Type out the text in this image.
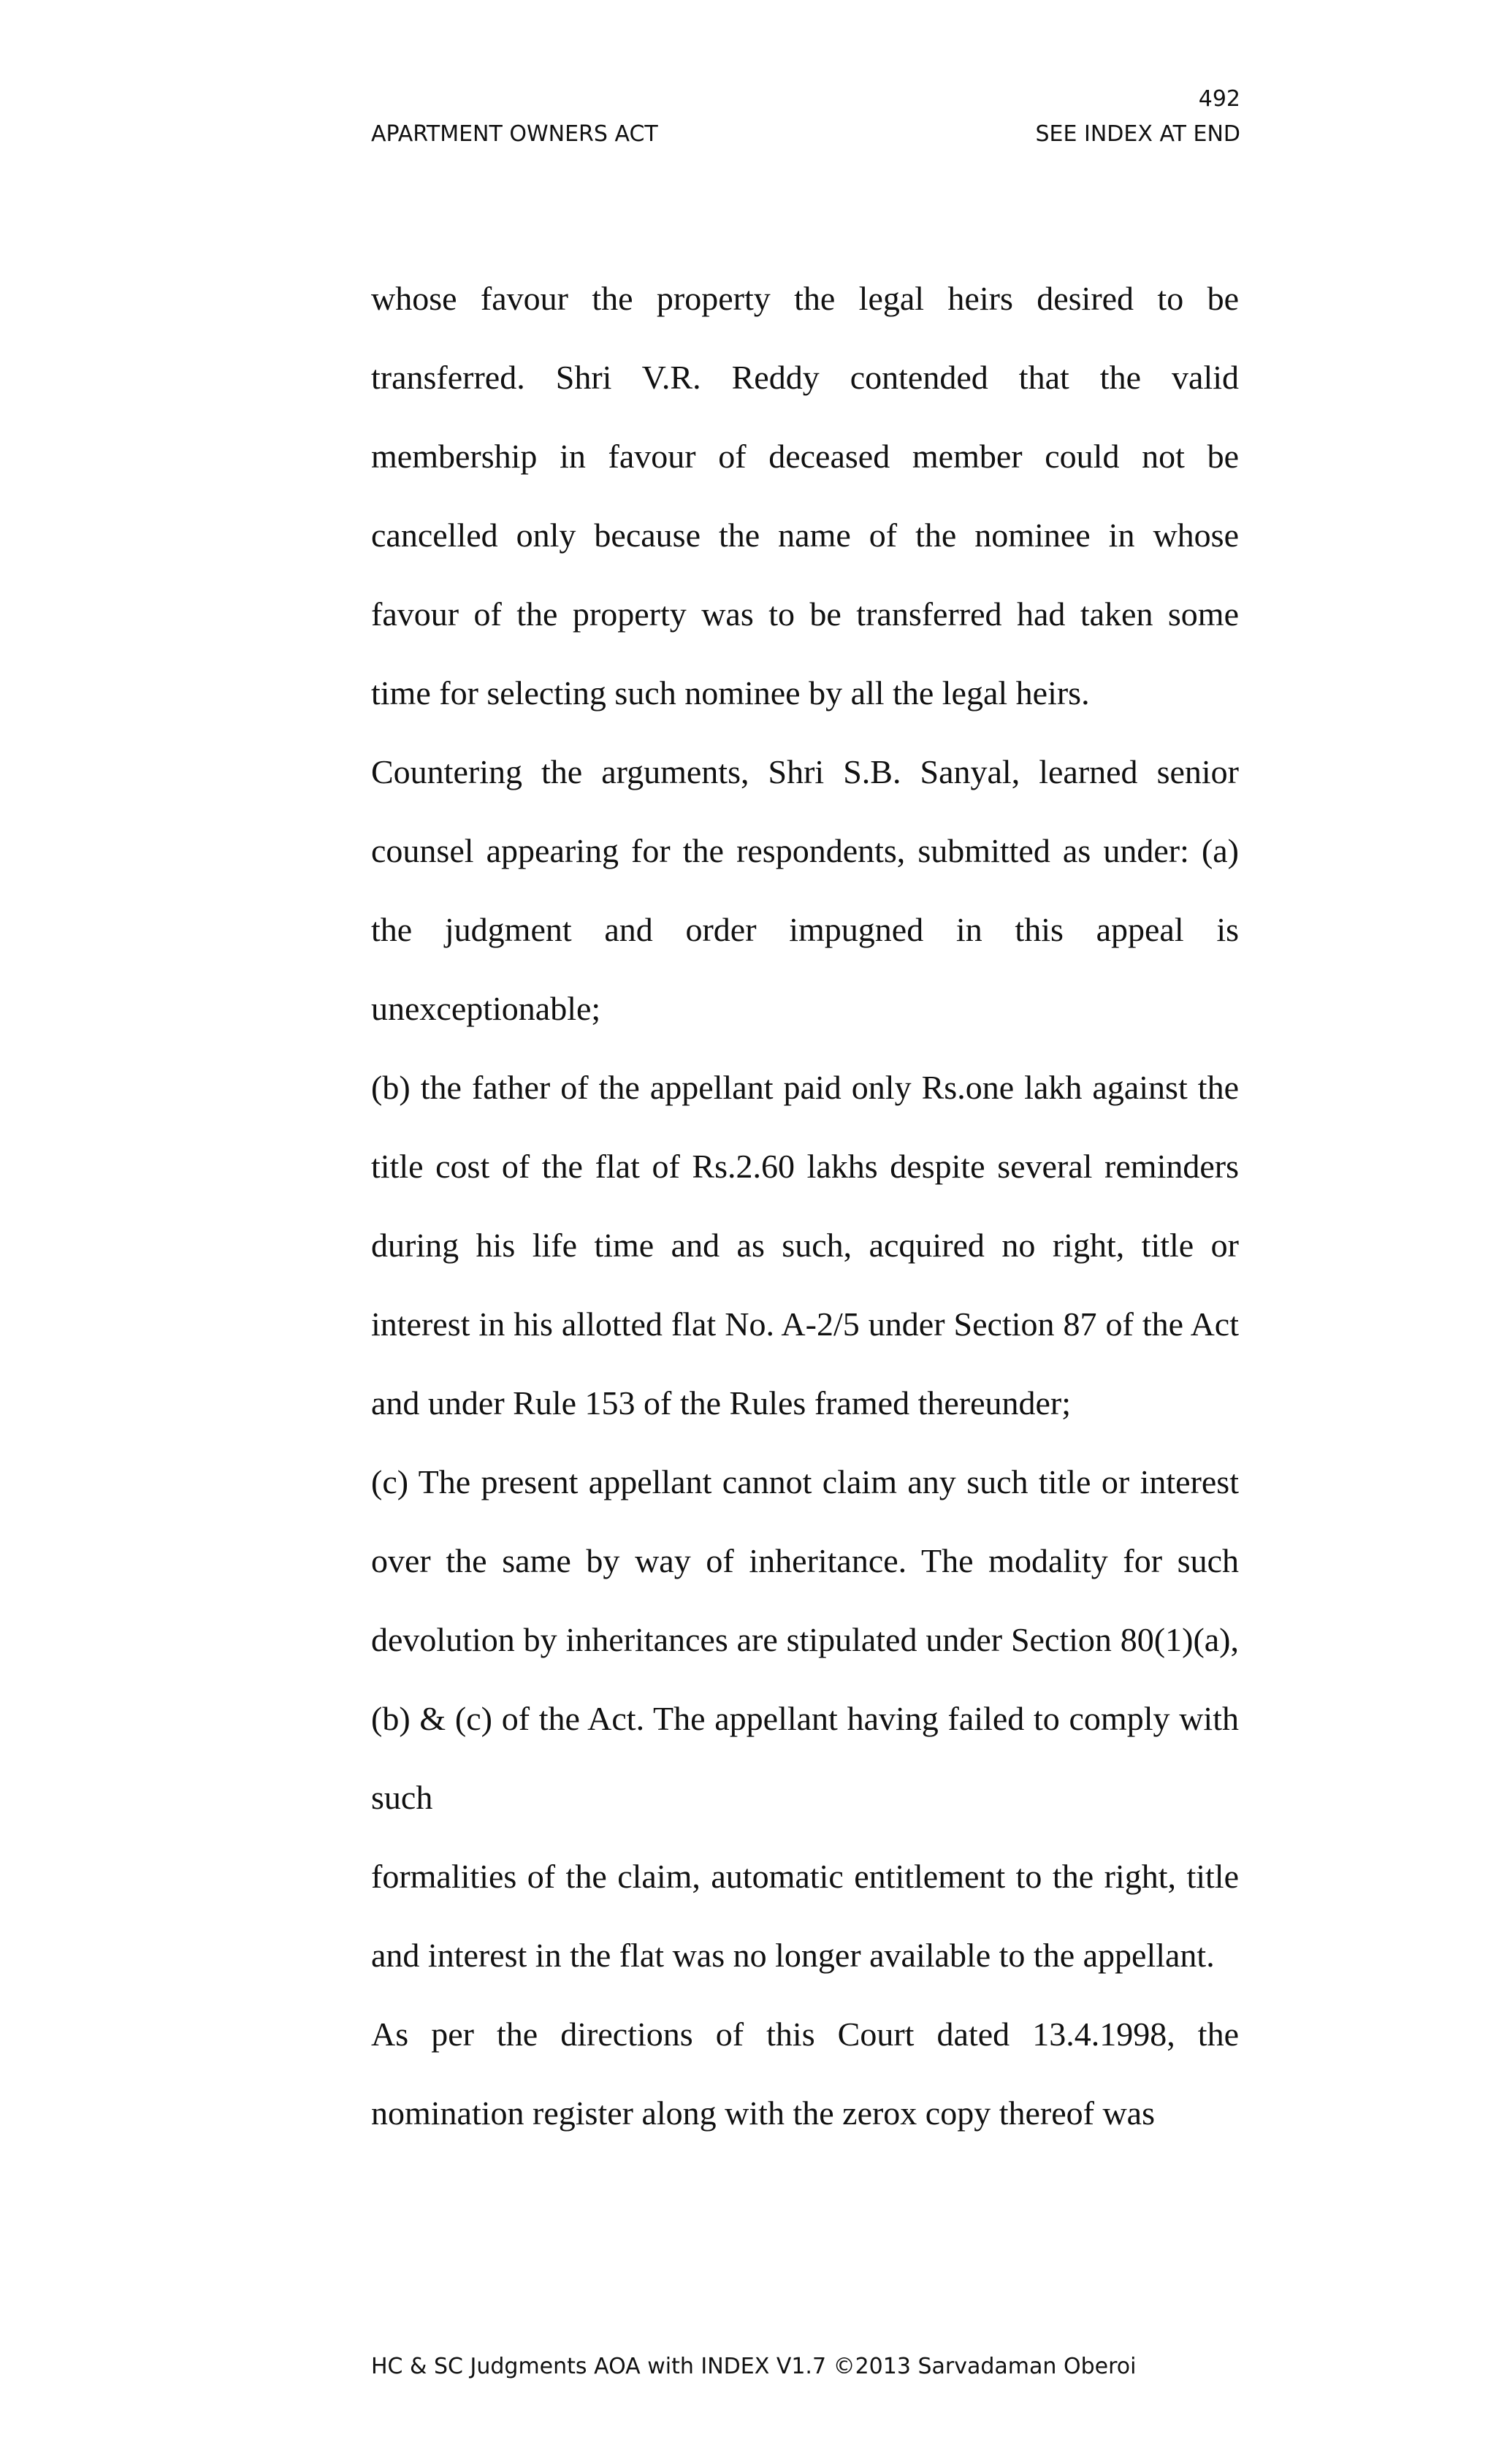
492
APARTMENT OWNERS ACT	SEE INDEX AT END

whose favour the property the legal heirs desired to be transferred. Shri V.R. Reddy contended that the valid membership in favour of deceased member could not be cancelled only because the name of the nominee in whose favour of the property was to be transferred had taken some time for selecting such nominee by all the legal heirs.

Countering the arguments, Shri S.B. Sanyal, learned senior counsel appearing for the respondents, submitted as under: (a) the judgment and order impugned in this appeal is unexceptionable;

(b) the father of the appellant paid only Rs.one lakh against the title cost of the flat of Rs.2.60 lakhs despite several reminders during his life time and as such, acquired no right, title or interest in his allotted flat No. A-2/5 under Section 87 of the Act and under Rule 153 of the Rules framed thereunder;

(c) The present appellant cannot claim any such title or interest over the same by way of inheritance. The modality for such devolution by inheritances are stipulated under Section 80(1)(a),(b) & (c) of the Act. The appellant having failed to comply with such

formalities of the claim, automatic entitlement to the right, title and interest in the flat was no longer available to the appellant.

As per the directions of this Court dated 13.4.1998, the nomination register along with the zerox copy thereof was

HC & SC Judgments AOA with INDEX V1.7 ©2013 Sarvadaman Oberoi
